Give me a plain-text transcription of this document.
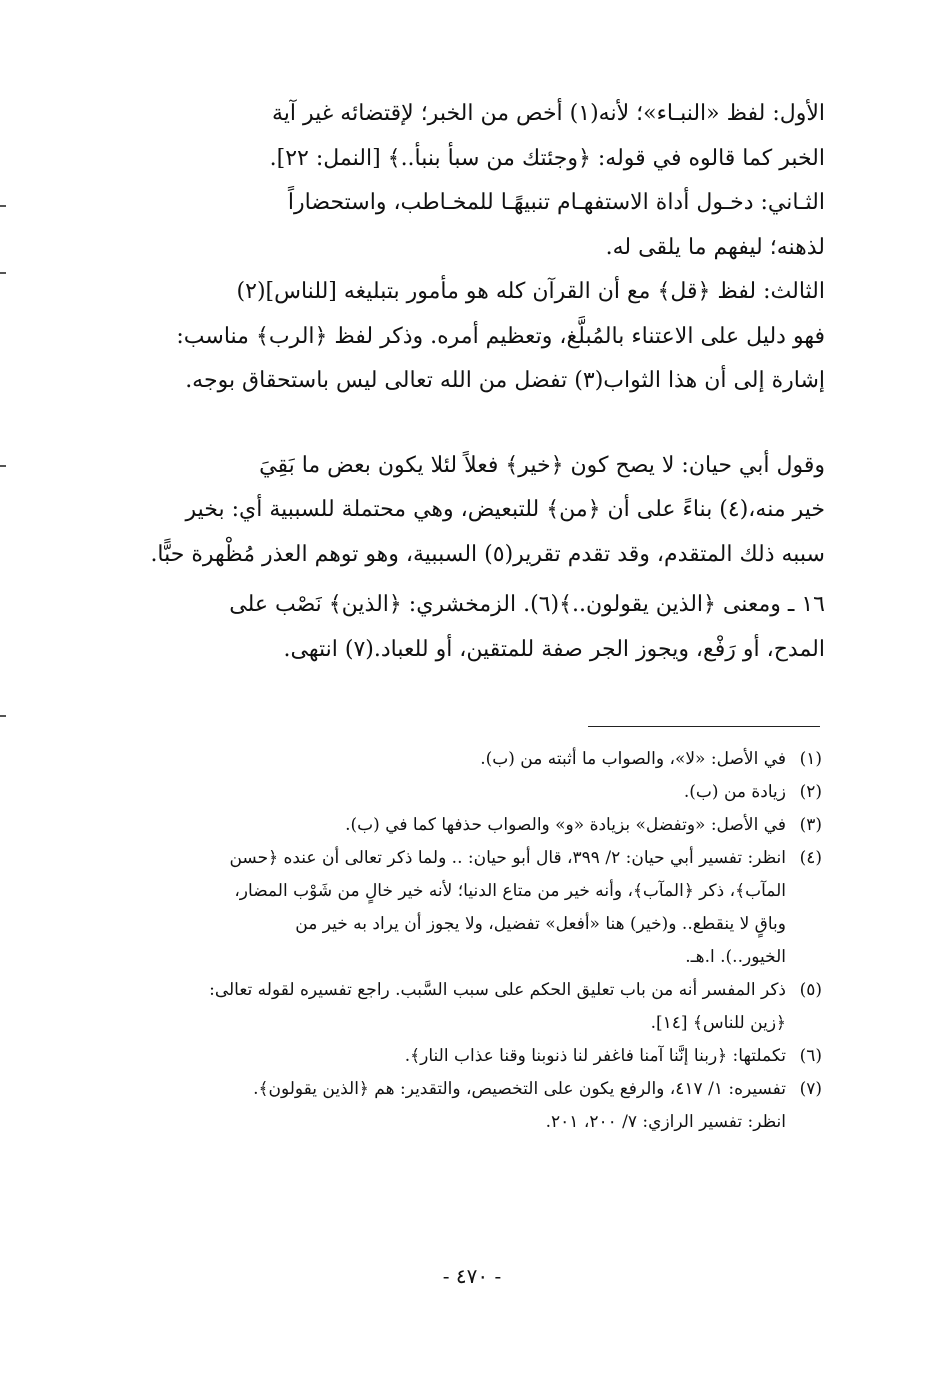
الأول: لفظ «النبـاء»؛ لأنه(١) أخص من الخبر؛ لإقتضائه غير آية
الخبر كما قالوه في قوله: ﴿وجئتك من سبأ بنبأ..﴾ [النمل: ٢٢].
الثـاني: دخـول أداة الاستفهـام تنبيهًـا للمخـاطب، واستحضاراً
لذهنه؛ ليفهم ما يلقى له.
الثالث: لفظ ﴿قل﴾ مع أن القرآن كله هو مأمور بتبليغه [للناس](٢)
فهو دليل على الاعتناء بالمُبلَّغ، وتعظيم أمره. وذكر لفظ ﴿الرب﴾ مناسب:
إشارة إلى أن هذا الثواب(٣) تفضل من الله تعالى ليس باستحقاق بوجه.
وقول أبي حيان: لا يصح كون ﴿خير﴾ فعلاً لئلا يكون بعض ما بَقِيَ
خير منه،(٤) بناءً على أن ﴿من﴾ للتبعيض، وهي محتملة للسببية أي: بخير
سببه ذلك المتقدم، وقد تقدم تقرير(٥) السببية، وهو توهم العذر مُظْهرة حبًّا.
١٦ ـ ومعنى ﴿الذين يقولون..﴾(٦). الزمخشري: ﴿الذين﴾ نَصْب على
المدح، أو رَفْع، ويجوز الجر صفة للمتقين، أو للعباد.(٧) انتهى.
(١)
في الأصل: «لا»، والصواب ما أثبته من (ب).
(٢)
زيادة من (ب).
(٣)
في الأصل: «وتفضل» بزيادة «و» والصواب حذفها كما في (ب).
(٤)
انظر: تفسير أبي حيان: ٢/ ٣٩٩، قال أبو حيان: .. ولما ذكر تعالى أن عنده ﴿حسن
المآب﴾، ذكر ﴿المآب﴾، وأنه خير من متاع الدنيا؛ لأنه خير خالٍ من شَوْب المضار،
وباقٍ لا ينقطع.. و(خير) هنا «أفعل» تفضيل، ولا يجوز أن يراد به خير من
الخيور..). ا.هـ.
(٥)
ذكر المفسر أنه من باب تعليق الحكم على سبب السَّبب. راجع تفسيره لقوله تعالى:
﴿زين للناس﴾ [١٤].
(٦)
تكملتها: ﴿ربنا إنَّنا آمنا فاغفر لنا ذنوبنا وقنا عذاب النار﴾.
(٧)
تفسيره: ١/ ٤١٧، والرفع يكون على التخصيص، والتقدير: هم ﴿الذين يقولون﴾.
انظر: تفسير الرازي: ٧/ ٢٠٠، ٢٠١.
- ٤٧٠ -
